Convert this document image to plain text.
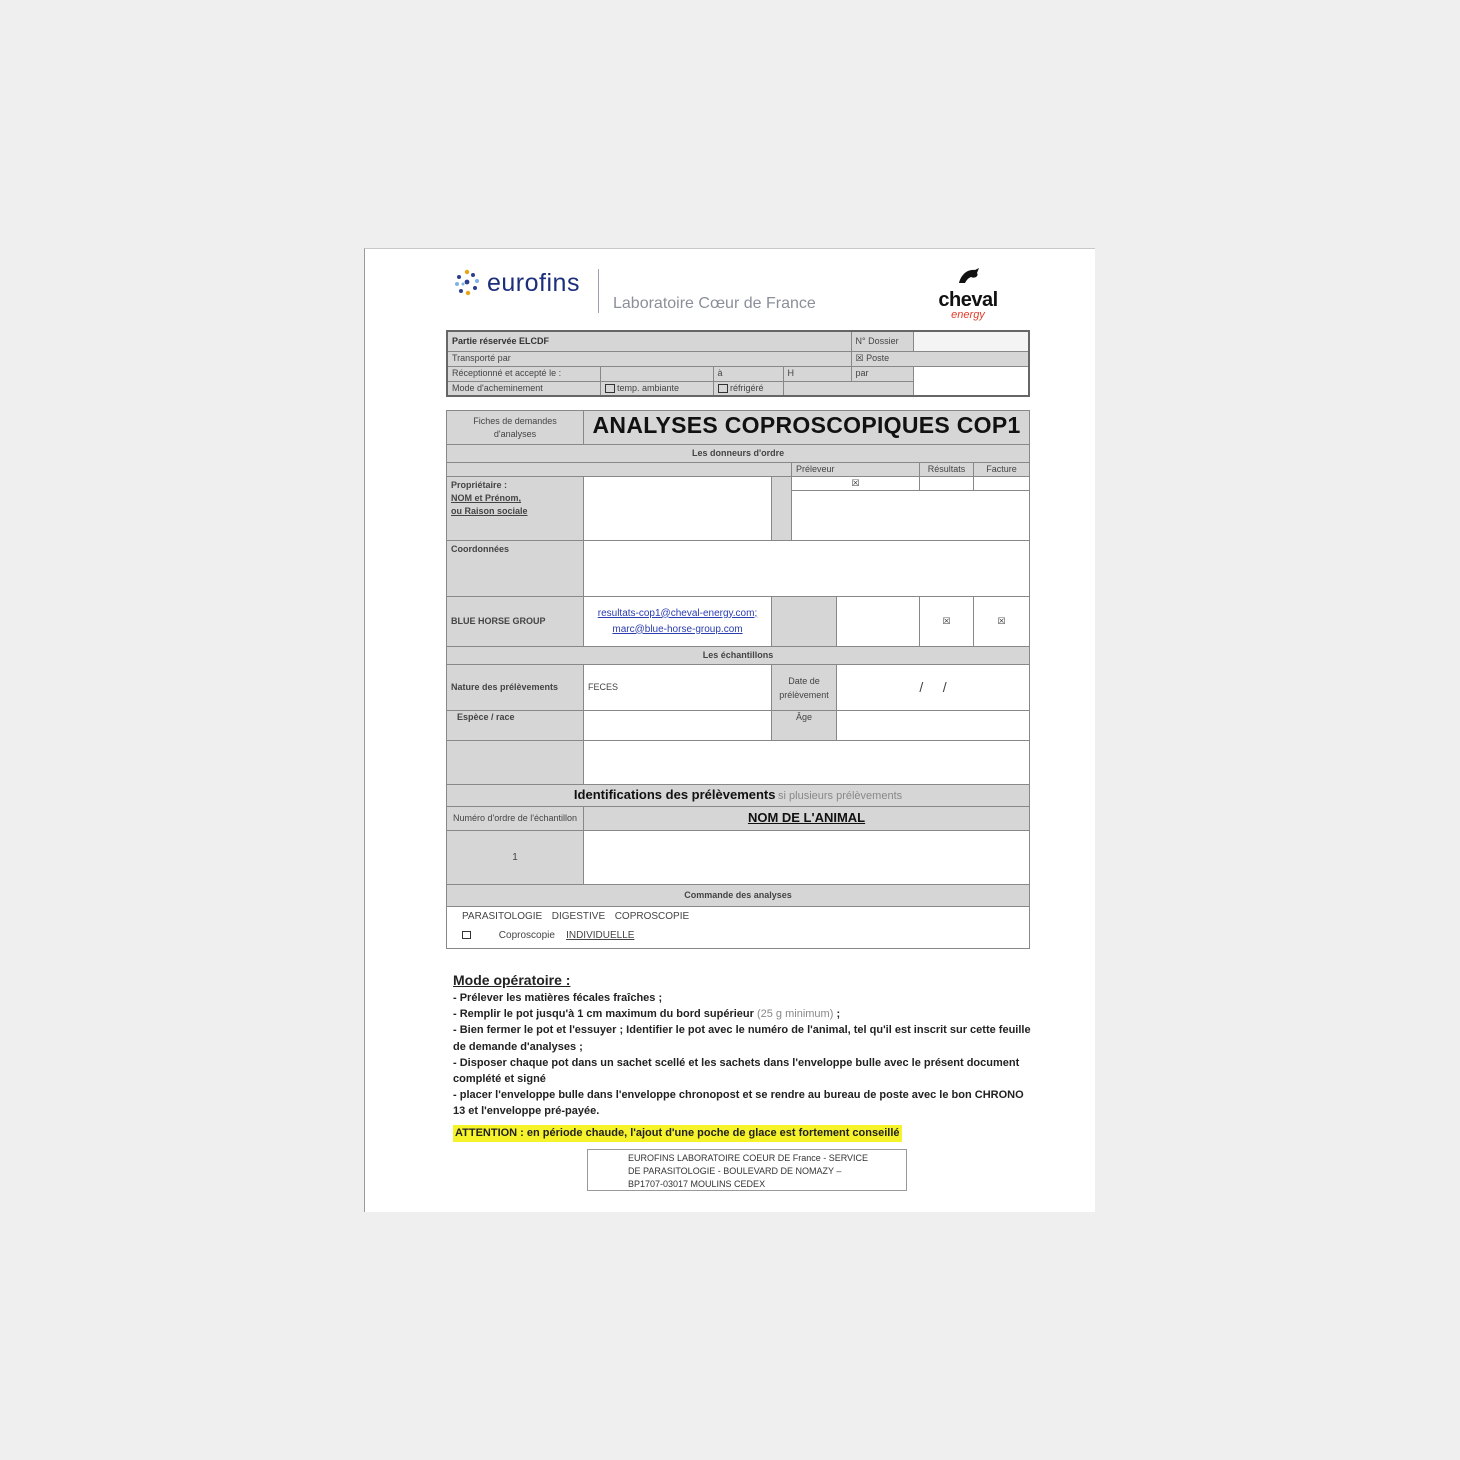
eurofins
Laboratoire Cœur de France	cheval
energy
Partie réservée ELCDF				N° Dossier	
Transporté par				☒ Poste	
Réceptionné et accepté le :		à	H	par	
Mode d'acheminement	temp. ambiante	réfrigéré			
Fiches de demandes d'analyses	ANALYSES COPROSCOPIQUES COP1					
Les donneurs d'ordre						
			Préleveur		Résultats	Facture

Propriétaire :
NOM et Prénom,
ou Raison sociale			☒			

Coordonnées						
BLUE HORSE GROUP	resultats-cop1@cheval-energy.com; marc@blue-horse-group.com				☒	☒
Les échantillons						
Nature des prélèvements	FECES	Date de prélèvement		/     /		
Espèce / race		Âge				

Identifications des prélèvements si plusieurs prélèvements						
Numéro d'ordre de l'échantillon	NOM DE L'ANIMAL					
1						
Commande des analyses						

PARASITOLOGIE DIGESTIVE COPROSCOPIE
Coproscopie INDIVIDUELLE						
Mode opératoire :
- Prélever les matières fécales fraîches ;
- Remplir le pot jusqu'à 1 cm maximum du bord supérieur (25 g minimum) ;
- Bien fermer le pot et l'essuyer ; Identifier le pot avec le numéro de l'animal, tel qu'il est inscrit sur cette feuille de demande d'analyses ;
- Disposer chaque pot dans un sachet scellé et les sachets dans l'enveloppe bulle avec le présent document complété et signé
- placer l'enveloppe bulle dans l'enveloppe chronopost et se rendre au bureau de poste avec le bon CHRONO 13 et l'enveloppe pré-payée.
ATTENTION : en période chaude, l'ajout d'une poche de glace est fortement conseillé
EUROFINS LABORATOIRE COEUR DE France - SERVICE
DE PARASITOLOGIE - BOULEVARD DE NOMAZY –
BP1707-03017 MOULINS CEDEX
